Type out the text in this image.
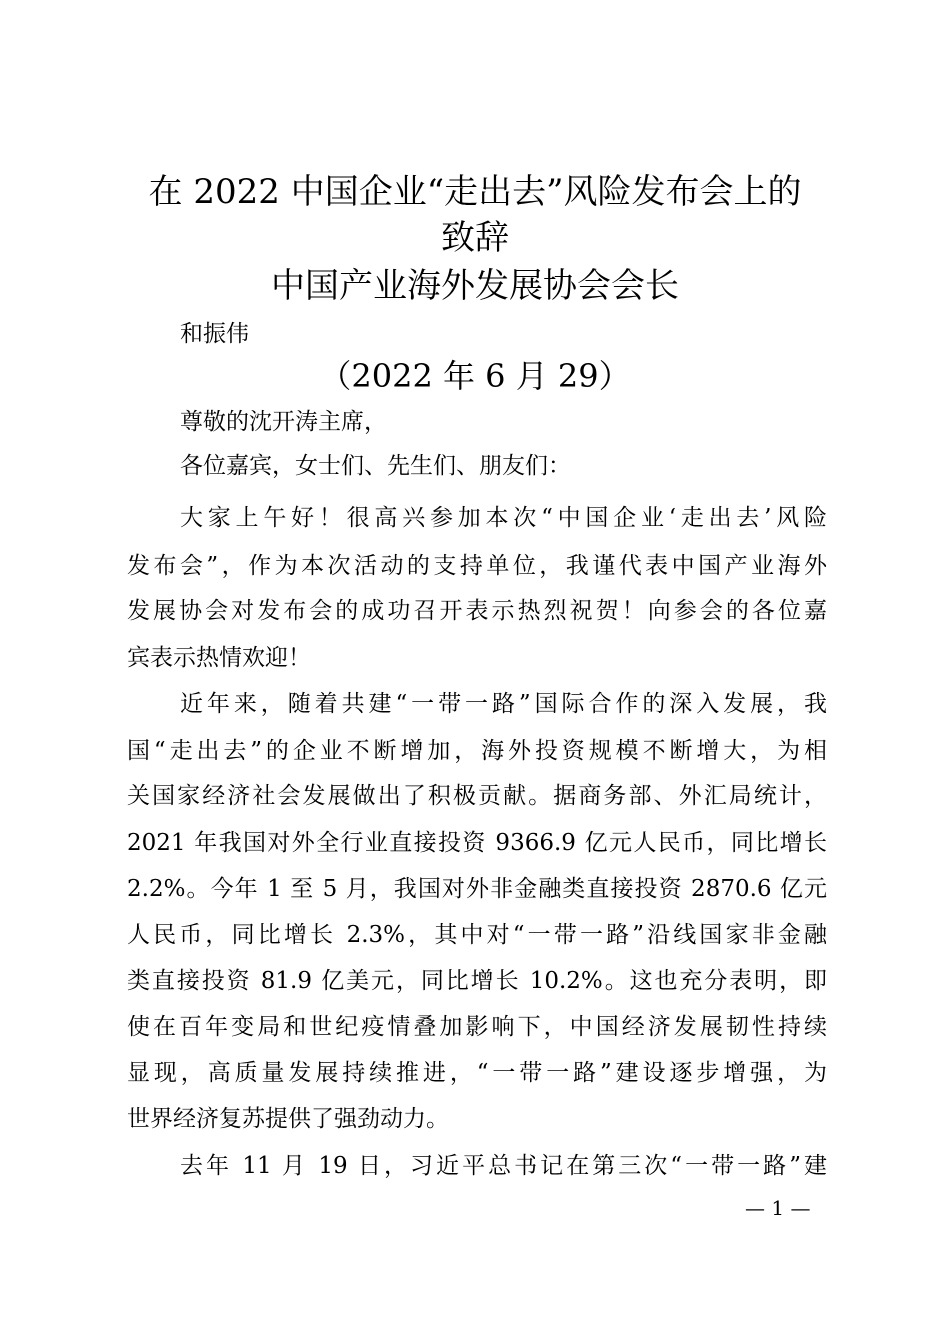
在 2022 中国企业“走出去”风险发布会上的
致辞
中国产业海外发展协会会长
和振伟
（2022 年 6 月 29）
尊敬的沈开涛主席，
各位嘉宾，女士们、先生们、朋友们：
大家上午好！很高兴参加本次“中国企业‘走出去’风险
发布会”，作为本次活动的支持单位，我谨代表中国产业海外
发展协会对发布会的成功召开表示热烈祝贺！向参会的各位嘉
宾表示热情欢迎！
近年来，随着共建“一带一路”国际合作的深入发展，我
国“走出去”的企业不断增加，海外投资规模不断增大，为相
关国家经济社会发展做出了积极贡献。据商务部、外汇局统计，
2021 年我国对外全行业直接投资 9366.9 亿元人民币，同比增长
2.2%。今年 1 至 5 月，我国对外非金融类直接投资 2870.6 亿元
人民币，同比增长 2.3%，其中对“一带一路”沿线国家非金融
类直接投资 81.9 亿美元，同比增长 10.2%。这也充分表明，即
使在百年变局和世纪疫情叠加影响下，中国经济发展韧性持续
显现，高质量发展持续推进，“一带一路”建设逐步增强，为
世界经济复苏提供了强劲动力。
去年 11 月 19 日，习近平总书记在第三次“一带一路”建
— 1 —
